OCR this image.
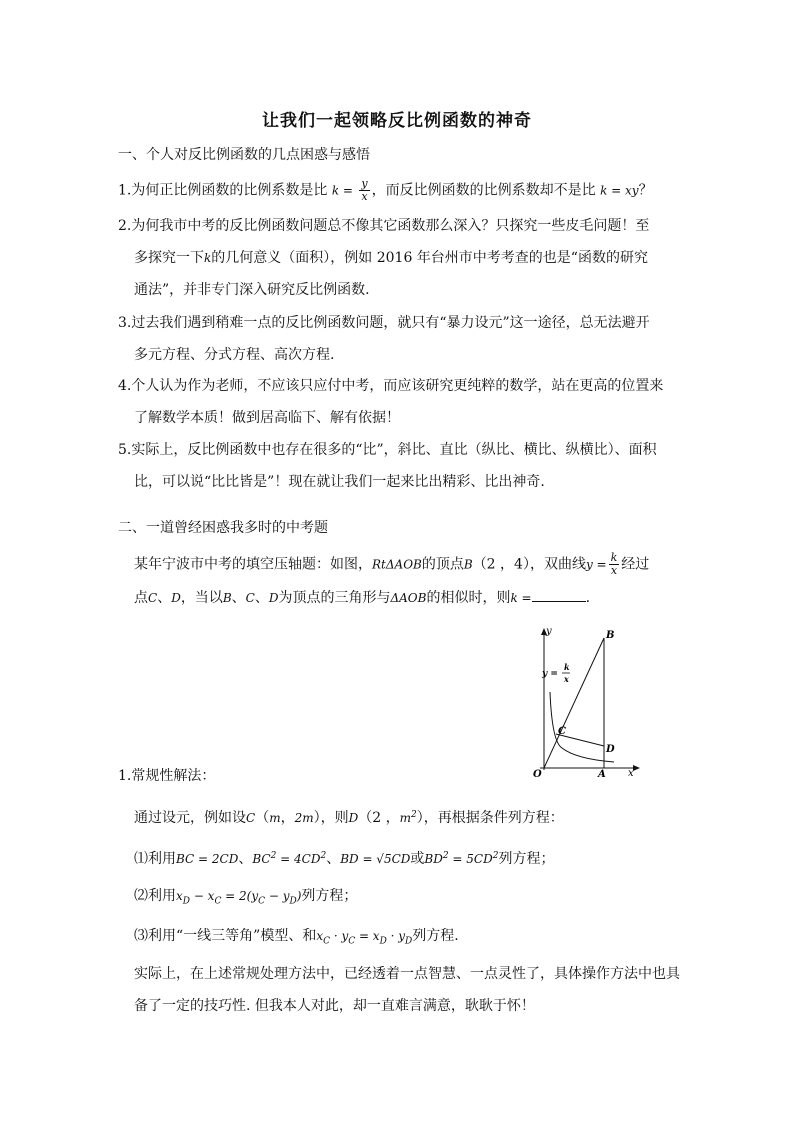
让我们一起领略反比例函数的神奇
一、个人对反比例函数的几点困惑与感悟
1.为何正比例函数的比例系数是比 $k = \frac{y}{x}$ ，而反比例函数的比例系数却不是比 k = xy？
2.为何我市中考的反比例函数问题总不像其它函数那么深入？只探究一些皮毛问题！至
多探究一下k的几何意义（面积），例如 2016 年台州市中考考查的也是“函数的研究
通法”，并非专门深入研究反比例函数.
3.过去我们遇到稍难一点的反比例函数问题，就只有“暴力设元”这一途径，总无法避开
多元方程、分式方程、高次方程.
4.个人认为作为老师，不应该只应付中考，而应该研究更纯粹的数学，站在更高的位置来
了解数学本质！做到居高临下、解有依据！
5.实际上，反比例函数中也存在很多的“比”，斜比、直比（纵比、横比、纵横比）、面积
比，可以说“比比皆是”！现在就让我们一起来比出精彩、比出神奇.
二、一道曾经困惑我多时的中考题
某年宁波市中考的填空压轴题：如图，RtΔAOB的顶点B（2 ，4），双曲线$y = \frac{k}{x}$ 经过
点C、D，当以B、C、D为顶点的三角形与ΔAOB的相似时，则k =	.
y	B
y =
k
x
C
D
O	A x
1.常规性解法：
通过设元，例如设C（m，2m），则D（2 ，$m^2$），再根据条件列方程：
⑴利用BC = 2CD、$BC^2 = 4CD^2$、BD = √5CD或$BD^2 = 5CD^2$列方程；
⑵利用$x_D - x_C = 2(y_C - y_D)$列方程；
⑶利用“一线三等角”模型、和$x_C \cdot y_C = x_D \cdot y_D$列方程.
实际上，在上述常规处理方法中，已经透着一点智慧、一点灵性了，具体操作方法中也具
备了一定的技巧性. 但我本人对此，却一直难言满意，耿耿于怀！
